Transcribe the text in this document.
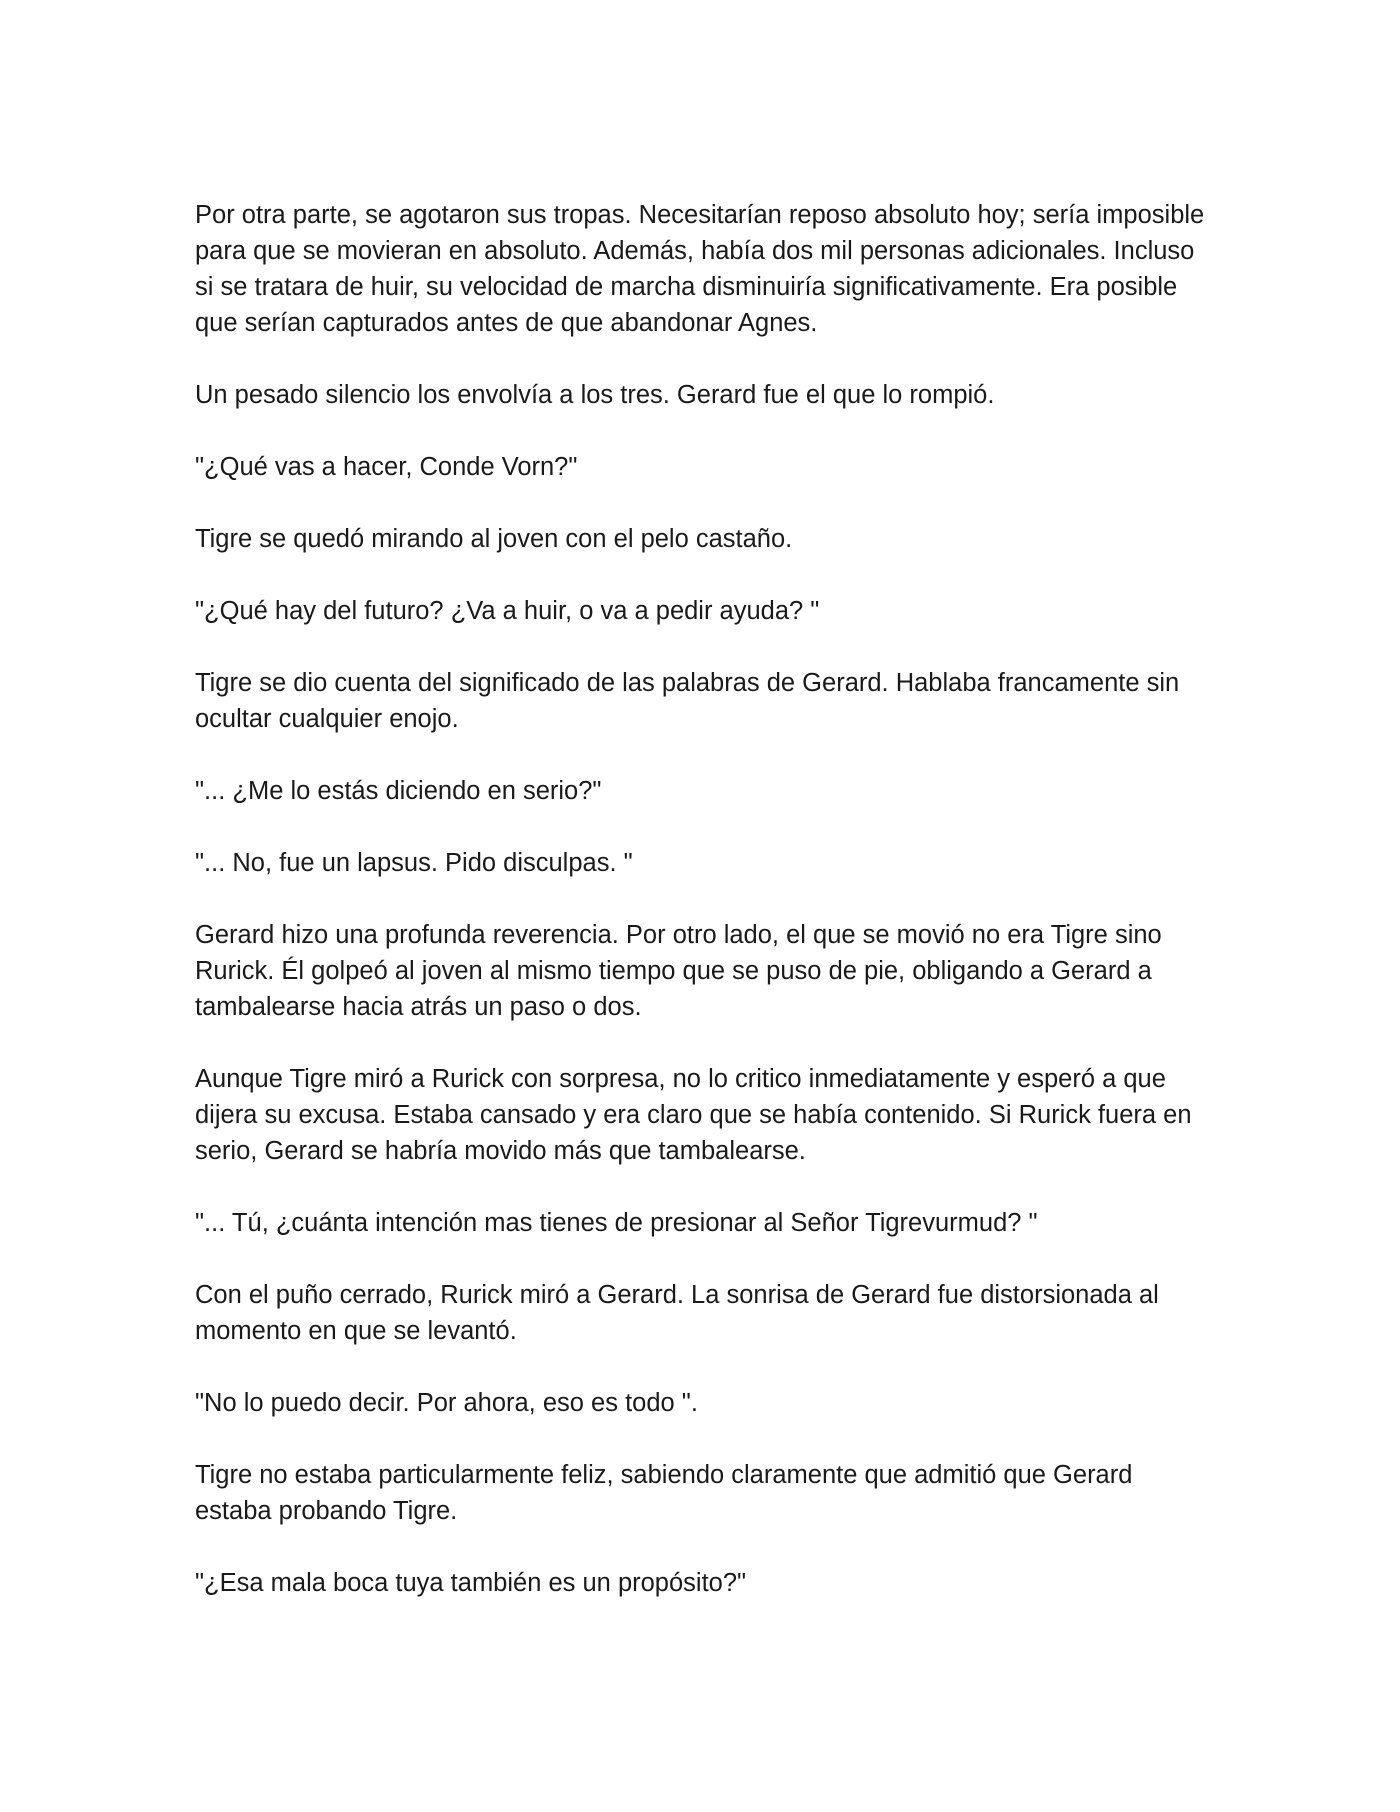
Por otra parte, se agotaron sus tropas. Necesitarían reposo absoluto hoy; sería imposible para que se movieran en absoluto. Además, había dos mil personas adicionales. Incluso si se tratara de huir, su velocidad de marcha disminuiría significativamente. Era posible que serían capturados antes de que abandonar Agnes.

Un pesado silencio los envolvía a los tres. Gerard fue el que lo rompió.

"¿Qué vas a hacer, Conde Vorn?"

Tigre se quedó mirando al joven con el pelo castaño.

"¿Qué hay del futuro? ¿Va a huir, o va a pedir ayuda? "

Tigre se dio cuenta del significado de las palabras de Gerard. Hablaba francamente sin ocultar cualquier enojo.

"... ¿Me lo estás diciendo en serio?"

"... No, fue un lapsus. Pido disculpas. "

Gerard hizo una profunda reverencia. Por otro lado, el que se movió no era Tigre sino Rurick. Él golpeó al joven al mismo tiempo que se puso de pie, obligando a Gerard a tambalearse hacia atrás un paso o dos.

Aunque Tigre miró a Rurick con sorpresa, no lo critico inmediatamente y esperó a que dijera su excusa. Estaba cansado y era claro que se había contenido. Si Rurick fuera en serio, Gerard se habría movido más que tambalearse.

"... Tú, ¿cuánta intención mas tienes de presionar al Señor Tigrevurmud? "

Con el puño cerrado, Rurick miró a Gerard. La sonrisa de Gerard fue distorsionada al momento en que se levantó.

"No lo puedo decir. Por ahora, eso es todo ".

Tigre no estaba particularmente feliz, sabiendo claramente que admitió que Gerard estaba probando Tigre.

"¿Esa mala boca tuya también es un propósito?"
